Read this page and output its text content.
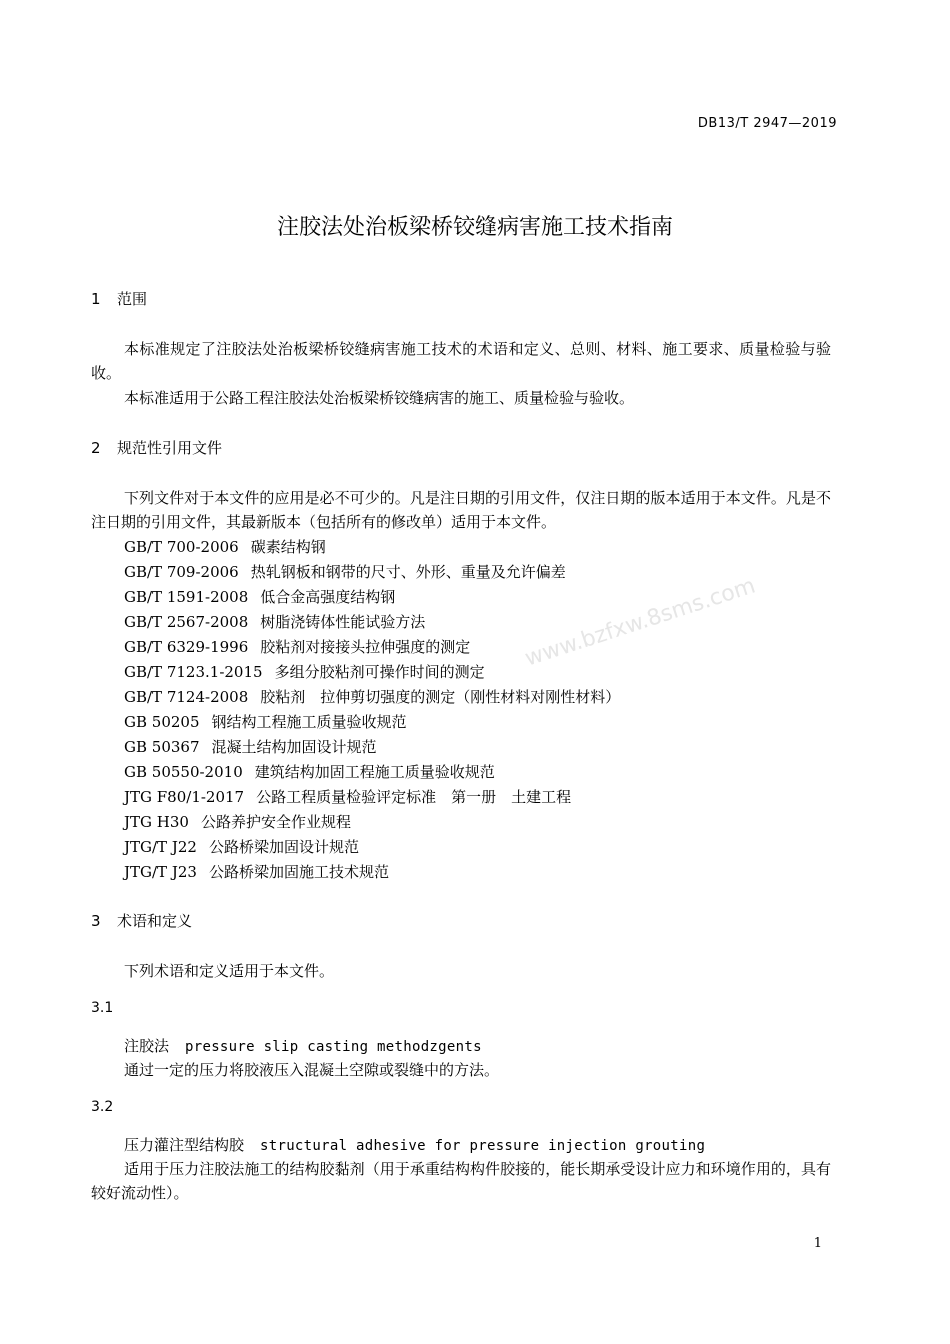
www.bzfxw.8sms.com
DB13/T 2947—2019
注胶法处治板梁桥铰缝病害施工技术指南
1 范围
本标准规定了注胶法处治板梁桥铰缝病害施工技术的术语和定义、总则、材料、施工要求、质量检验与验收。
本标准适用于公路工程注胶法处治板梁桥铰缝病害的施工、质量检验与验收。
2 规范性引用文件
下列文件对于本文件的应用是必不可少的。凡是注日期的引用文件，仅注日期的版本适用于本文件。凡是不注日期的引用文件，其最新版本（包括所有的修改单）适用于本文件。
GB/T 700-2006 碳素结构钢
GB/T 709-2006 热轧钢板和钢带的尺寸、外形、重量及允许偏差
GB/T 1591-2008 低合金高强度结构钢
GB/T 2567-2008 树脂浇铸体性能试验方法
GB/T 6329-1996 胶粘剂对接接头拉伸强度的测定
GB/T 7123.1-2015 多组分胶粘剂可操作时间的测定
GB/T 7124-2008 胶粘剂　拉伸剪切强度的测定（刚性材料对刚性材料）
GB 50205 钢结构工程施工质量验收规范
GB 50367 混凝土结构加固设计规范
GB 50550-2010 建筑结构加固工程施工质量验收规范
JTG F80/1-2017 公路工程质量检验评定标准　第一册　土建工程
JTG H30 公路养护安全作业规程
JTG/T J22 公路桥梁加固设计规范
JTG/T J23 公路桥梁加固施工技术规范
3 术语和定义
下列术语和定义适用于本文件。
3.1
注胶法 pressure slip casting methodzgents
通过一定的压力将胶液压入混凝土空隙或裂缝中的方法。
3.2
压力灌注型结构胶 structural adhesive for pressure injection grouting
适用于压力注胶法施工的结构胶黏剂（用于承重结构构件胶接的，能长期承受设计应力和环境作用的，具有较好流动性）。
1
